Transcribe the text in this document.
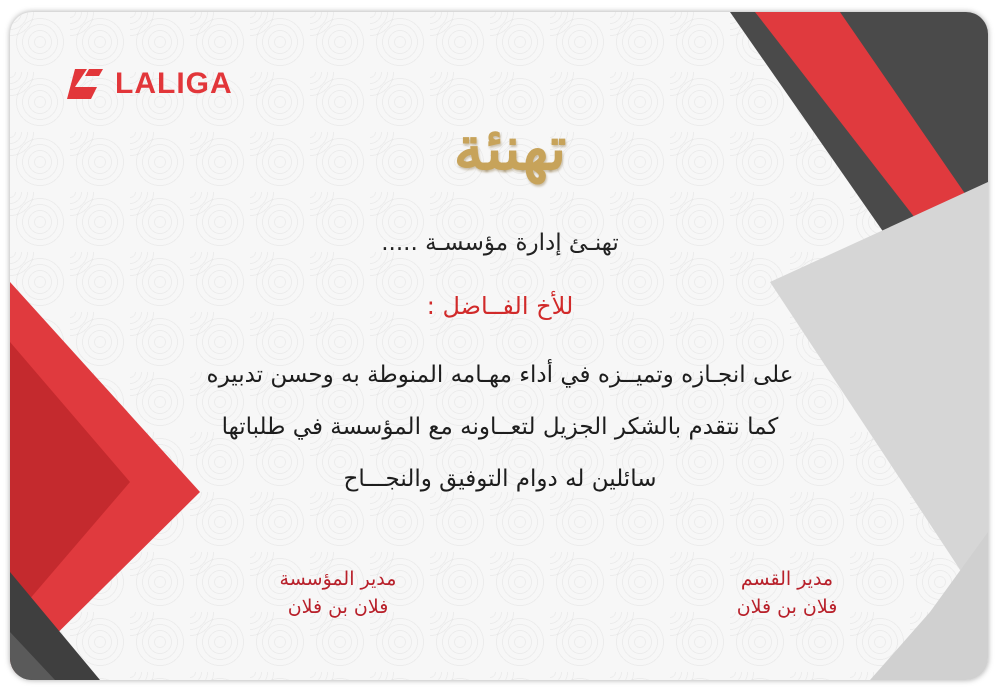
LALIGA
تهنئة
تهنـئ إدارة مؤسسـة .....
للأخ الفــاضل :
على انجـازه وتميــزه في أداء مهـامه المنوطة به وحسن تدبيره
كما نتقدم بالشكر الجزيل لتعــاونه مع المؤسسة في طلباتها
سائلين له دوام التوفيق والنجـــاح
مدير القسم
فلان بن فلان
مدير المؤسسة
فلان بن فلان
